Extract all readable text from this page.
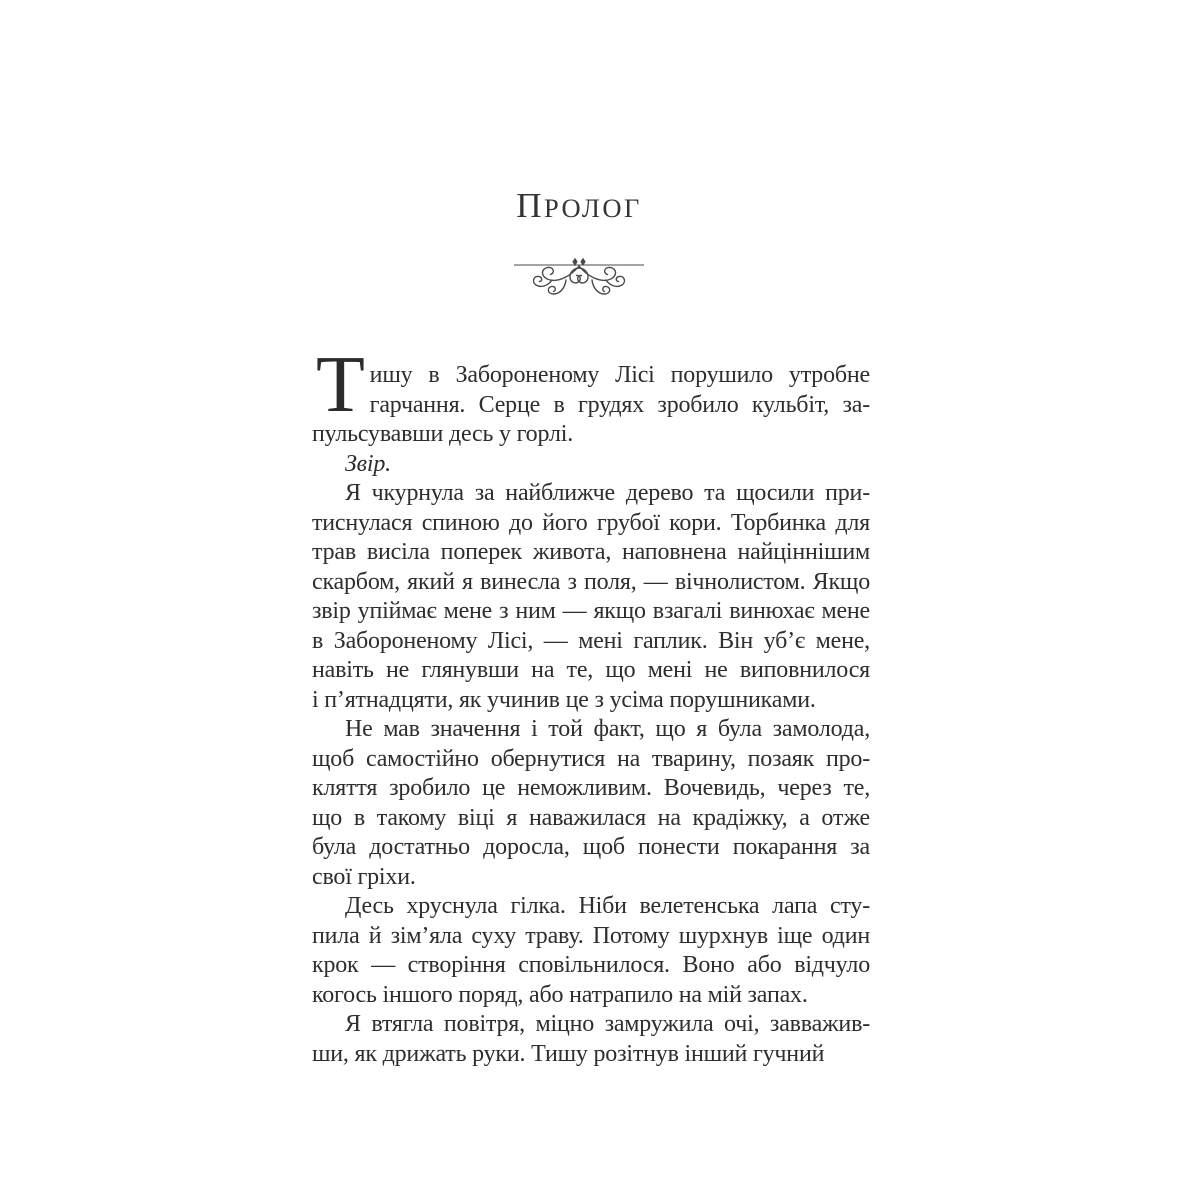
ПРОЛОГ
Т ишу в Забороненому Лісі порушило утробне
гарчання. Серце в грудях зробило кульбіт, за-
пульсувавши десь у горлі.
Звір.
Я чкурнула за найближче дерево та щосили при-
тиснулася спиною до його грубої кори. Торбинка для
трав висіла поперек живота, наповнена найціннішим
скарбом, який я винесла з поля, — вічнолистом. Якщо
звір упіймає мене з ним — якщо взагалі винюхає мене
в Забороненому Лісі, — мені гаплик. Він уб’є мене,
навіть не глянувши на те, що мені не виповнилося
і п’ятнадцяти, як учинив це з усіма порушниками.
Не мав значення і той факт, що я була замолода,
щоб самостійно обернутися на тварину, позаяк про-
кляття зробило це неможливим. Вочевидь, через те,
що в такому віці я наважилася на крадіжку, а отже
була достатньо доросла, щоб понести покарання за
свої гріхи.
Десь хруснула гілка. Ніби велетенська лапа сту-
пила й зім’яла суху траву. Потому шурхнув іще один
крок — створіння сповільнилося. Воно або відчуло
когось іншого поряд, або натрапило на мій запах.
Я втягла повітря, міцно замружила очі, завважив-
ши, як дрижать руки. Тишу розітнув інший гучний
